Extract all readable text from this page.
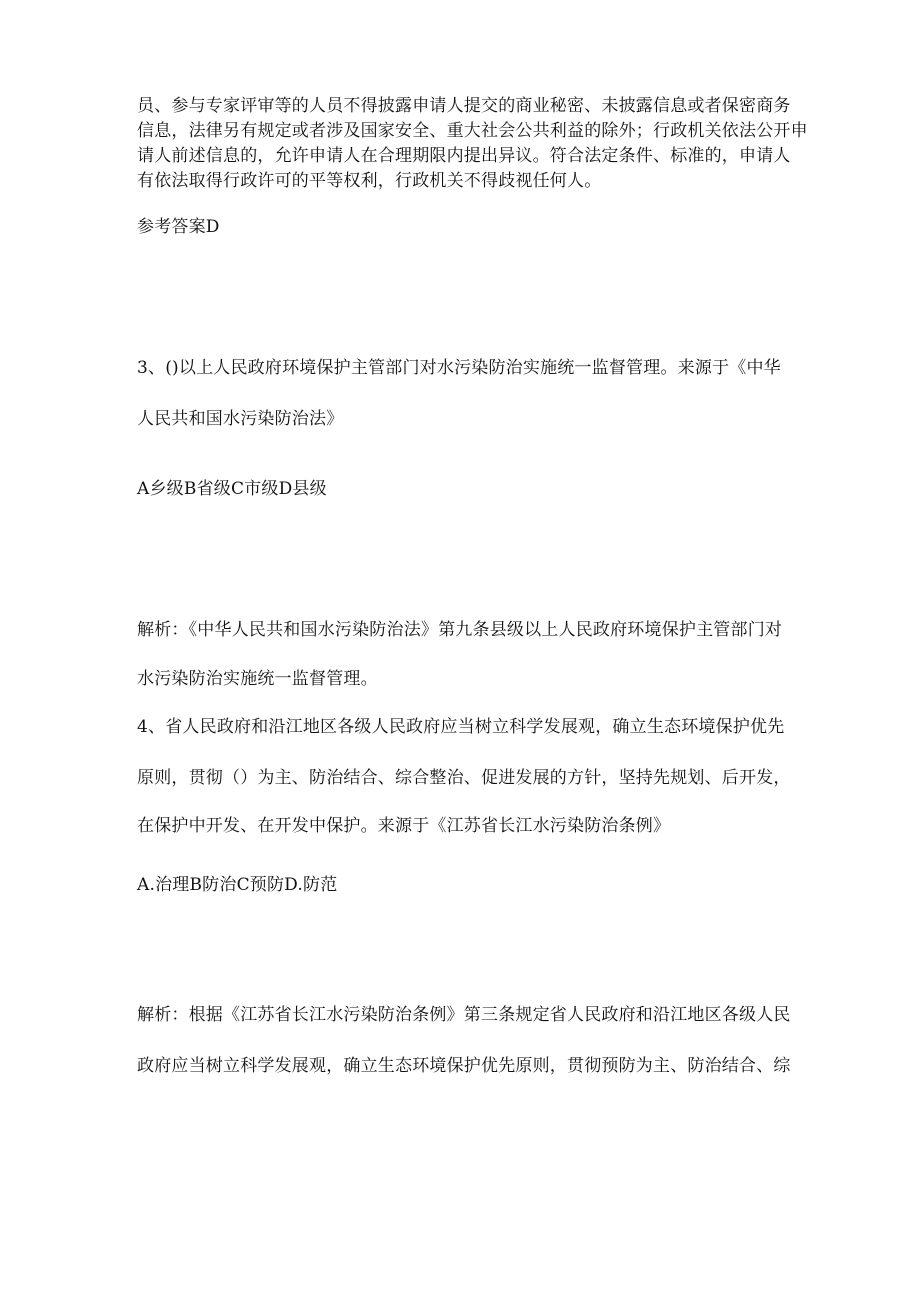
员、参与专家评审等的人员不得披露申请人提交的商业秘密、未披露信息或者保密商务
信息，法律另有规定或者涉及国家安全、重大社会公共利益的除外；行政机关依法公开申
请人前述信息的，允许申请人在合理期限内提出异议。符合法定条件、标准的，申请人
有依法取得行政许可的平等权利，行政机关不得歧视任何人。
参考答案D
3、()以上人民政府环境保护主管部门对水污染防治实施统一监督管理。来源于《中华
人民共和国水污染防治法》
A乡级B省级C市级D县级
解析：《中华人民共和国水污染防治法》第九条县级以上人民政府环境保护主管部门对
水污染防治实施统一监督管理。
4、省人民政府和沿江地区各级人民政府应当树立科学发展观，确立生态环境保护优先
原则，贯彻（）为主、防治结合、综合整治、促进发展的方针，坚持先规划、后开发，
在保护中开发、在开发中保护。来源于《江苏省长江水污染防治条例》
A.治理B防治C预防D.防范
解析：根据《江苏省长江水污染防治条例》第三条规定省人民政府和沿江地区各级人民
政府应当树立科学发展观，确立生态环境保护优先原则，贯彻预防为主、防治结合、综
